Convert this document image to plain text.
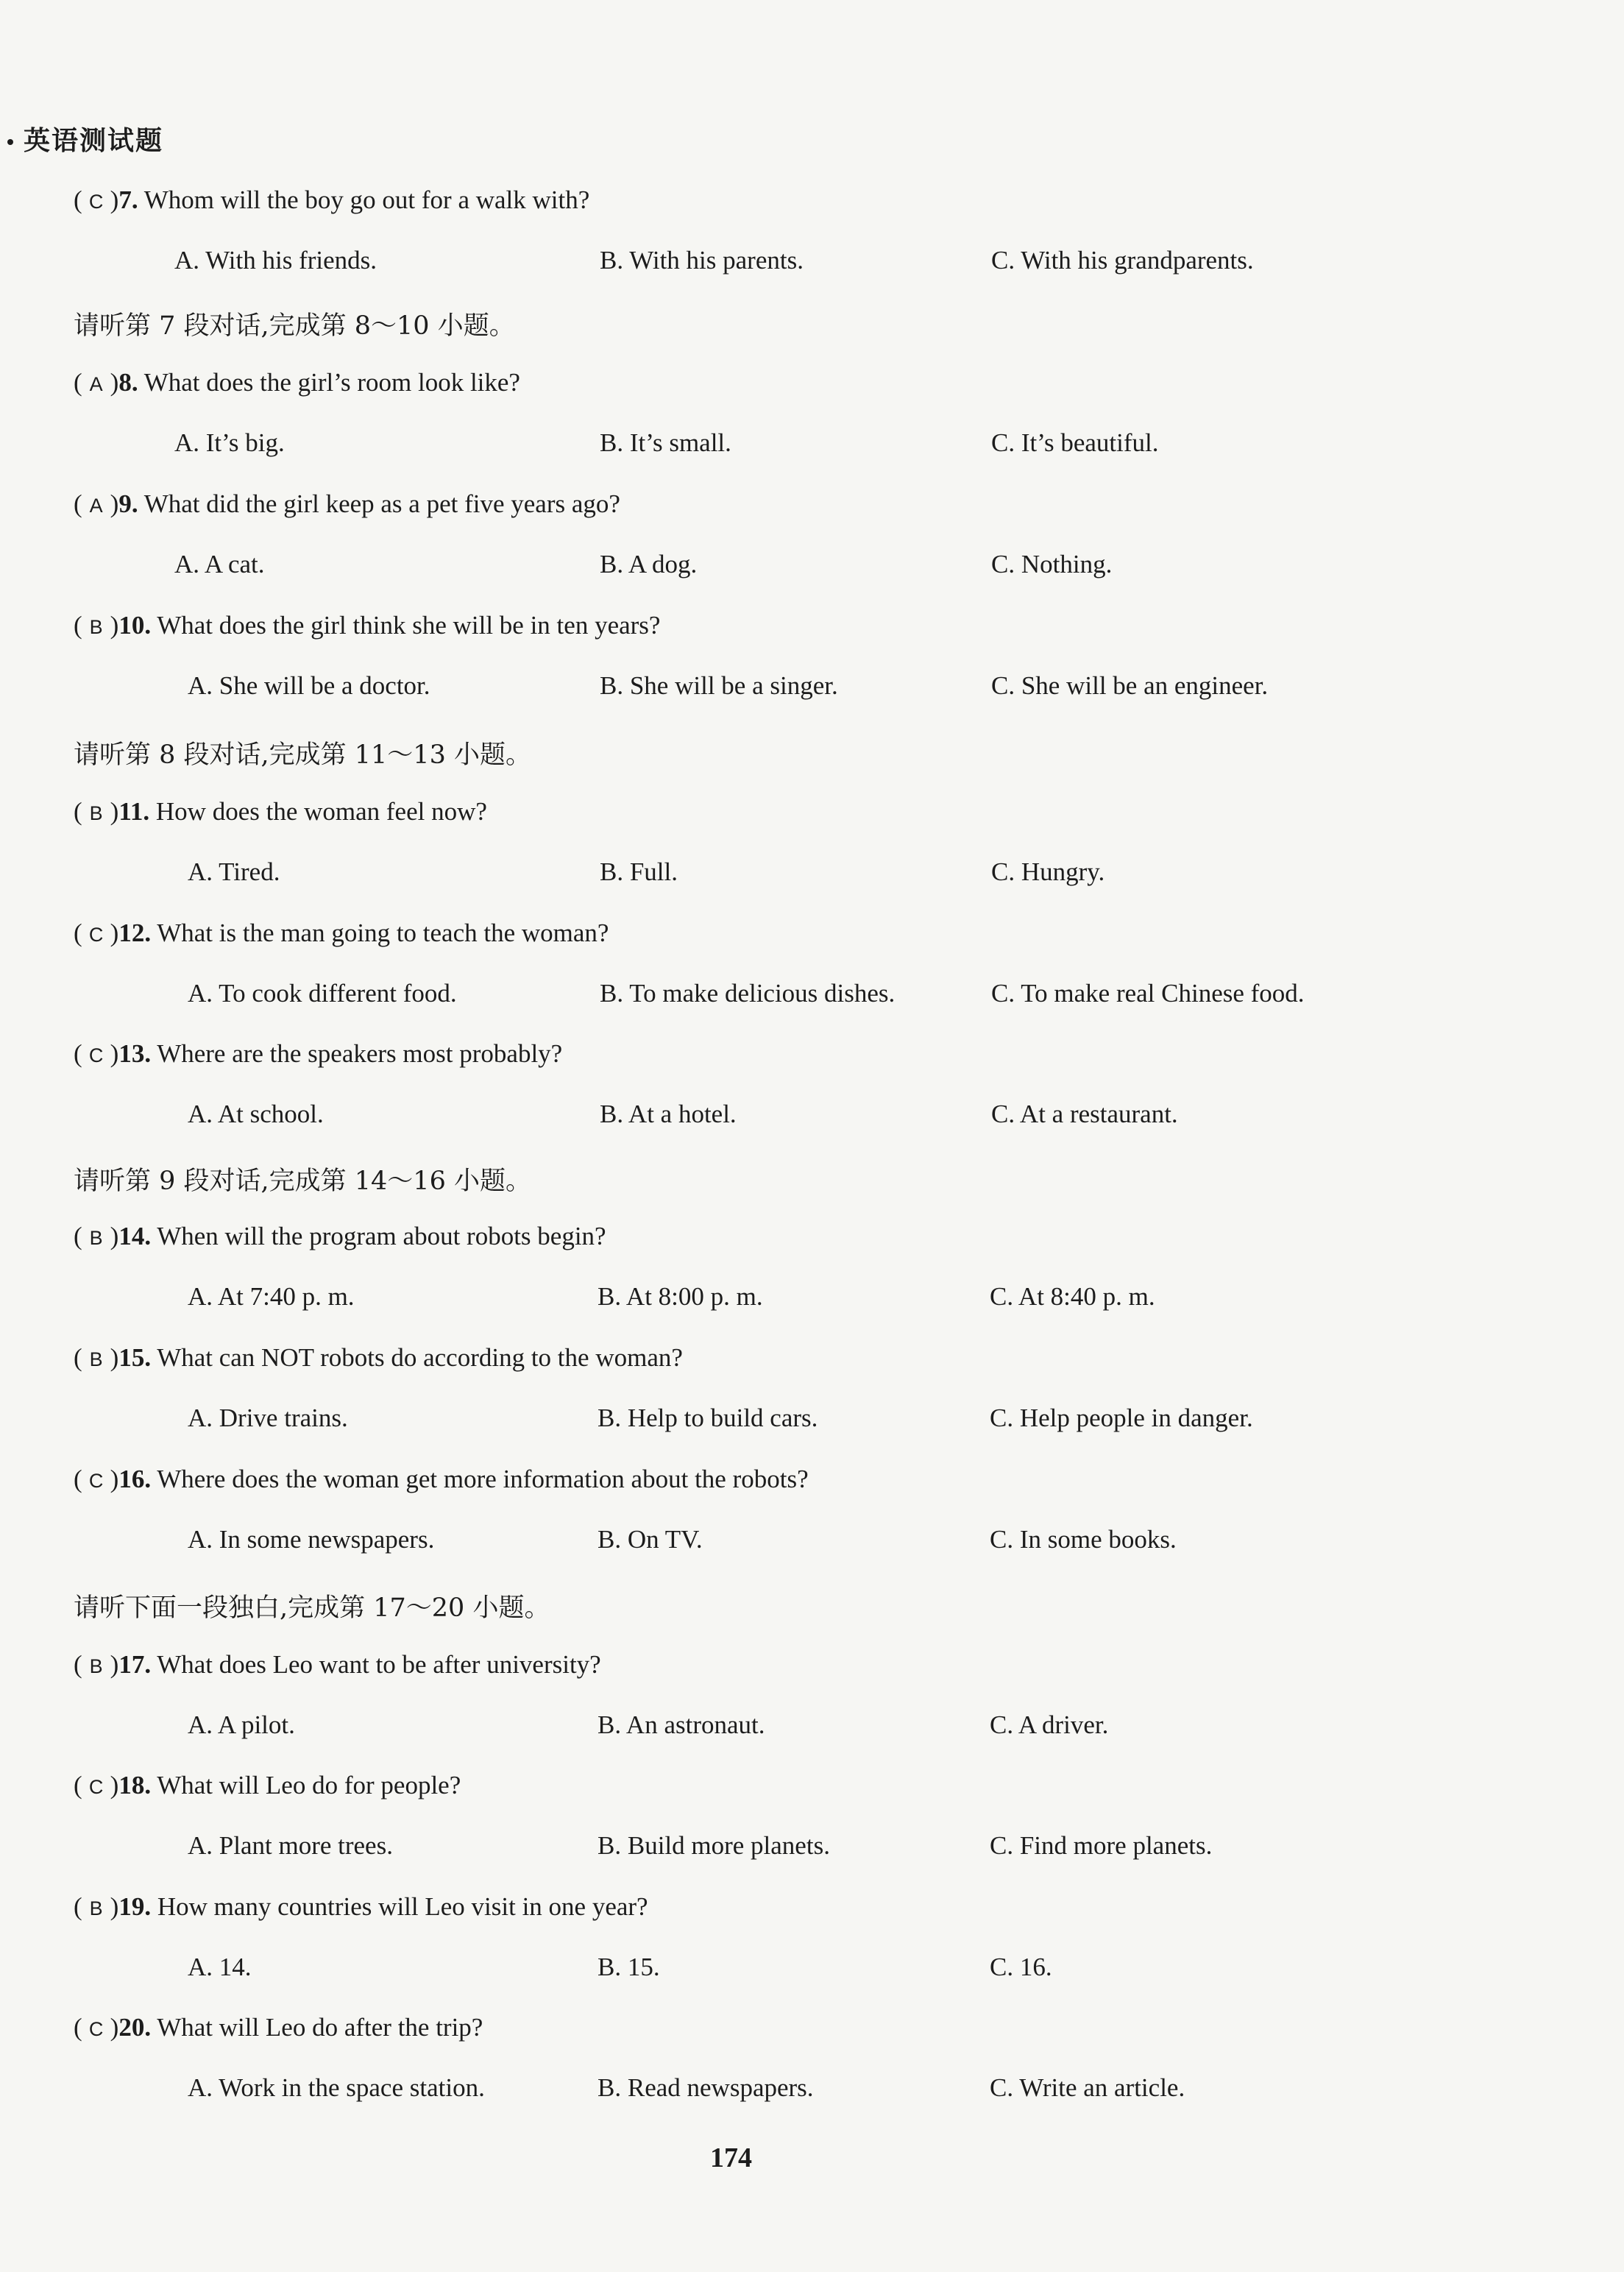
英语测试题
请听第 7 段对话,完成第 8～10 小题。
请听第 8 段对话,完成第 11～13 小题。
请听第 9 段对话,完成第 14～16 小题。
请听下面一段独白,完成第 17～20 小题。
( C )7. Whom will the boy go out for a walk with?
A. With his friends.	B. With his parents.	C. With his grandparents.
( A )8. What does the girl’s room look like?
A. It’s big.	B. It’s small.	C. It’s beautiful.
( A )9. What did the girl keep as a pet five years ago?
A. A cat.	B. A dog.	C. Nothing.
( B )10. What does the girl think she will be in ten years?
A. She will be a doctor.	B. She will be a singer.	C. She will be an engineer.
( B )11. How does the woman feel now?
A. Tired.	B. Full.	C. Hungry.
( C )12. What is the man going to teach the woman?
A. To cook different food.	B. To make delicious dishes.	C. To make real Chinese food.
( C )13. Where are the speakers most probably?
A. At school.	B. At a hotel.	C. At a restaurant.
( B )14. When will the program about robots begin?
A. At 7:40 p. m.	B. At 8:00 p. m.	C. At 8:40 p. m.
( B )15. What can NOT robots do according to the woman?
A. Drive trains.	B. Help to build cars.	C. Help people in danger.
( C )16. Where does the woman get more information about the robots?
A. In some newspapers.	B. On TV.	C. In some books.
( B )17. What does Leo want to be after university?
A. A pilot.	B. An astronaut.	C. A driver.
( C )18. What will Leo do for people?
A. Plant more trees.	B. Build more planets.	C. Find more planets.
( B )19. How many countries will Leo visit in one year?
A. 14.	B. 15.	C. 16.
( C )20. What will Leo do after the trip?
A. Work in the space station.	B. Read newspapers.	C. Write an article.
174
